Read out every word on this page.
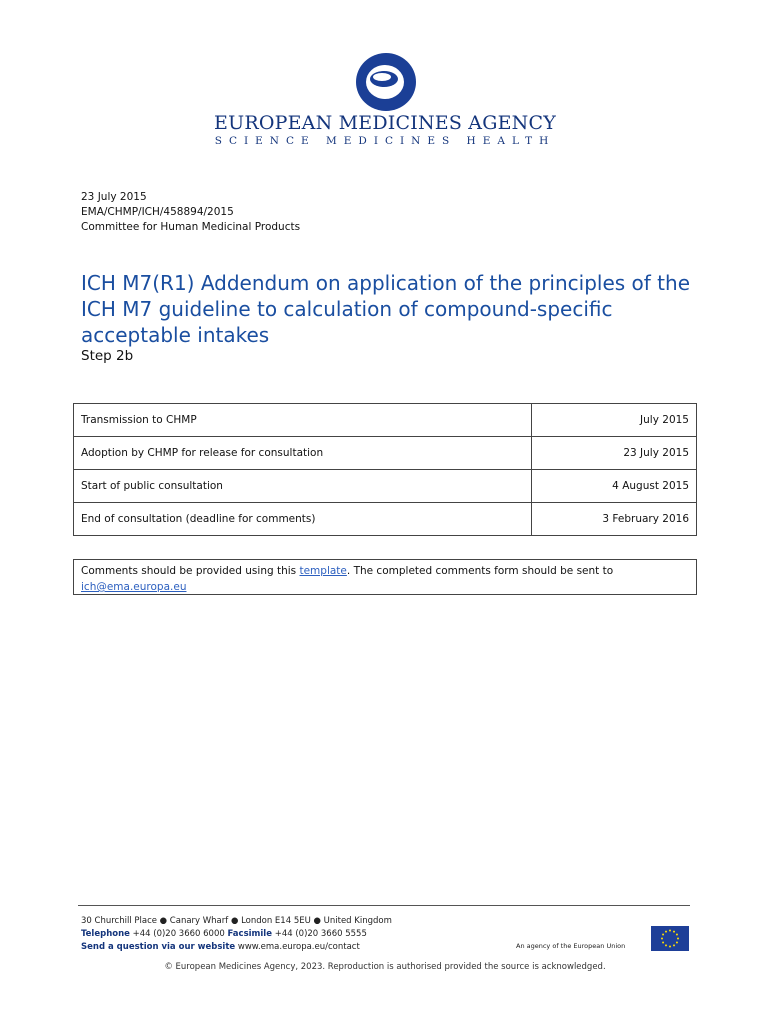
EUROPEAN MEDICINES AGENCY
SCIENCE MEDICINES HEALTH
23 July 2015
EMA/CHMP/ICH/458894/2015
Committee for Human Medicinal Products
ICH M7(R1) Addendum on application of the principles of the ICH M7 guideline to calculation of compound-specific acceptable intakes
Step 2b
Transmission to CHMP	July 2015
Adoption by CHMP for release for consultation	23 July 2015
Start of public consultation	4 August 2015
End of consultation (deadline for comments)	3 February 2016
Comments should be provided using this template. The completed comments form should be sent to ich@ema.europa.eu
30 Churchill Place ● Canary Wharf ● London E14 5EU ● United Kingdom
Telephone +44 (0)20 3660 6000 Facsimile +44 (0)20 3660 5555
Send a question via our website www.ema.europa.eu/contact	An agency of the European Union
© European Medicines Agency, 2023. Reproduction is authorised provided the source is acknowledged.
